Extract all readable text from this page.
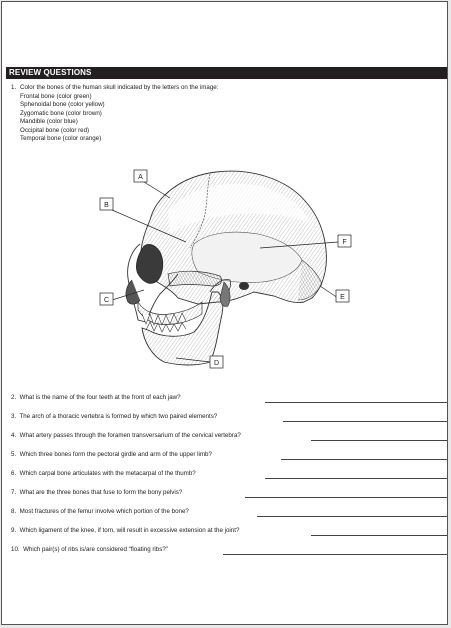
REVIEW QUESTIONS
1. Color the bones of the human skull indicated by the letters on the image:
Frontal bone (color green)
Sphenoidal bone (color yellow)
Zygomatic bone (color brown)
Mandible (color blue)
Occipital bone (color red)
Temporal bone (color orange)
A
B
C
D
E
F
2. What is the name of the four teeth at the front of each jaw?
3. The arch of a thoracic vertebra is formed by which two paired elements?
4. What artery passes through the foramen transversarium of the cervical vertebra?
5. Which three bones form the pectoral girdle and arm of the upper limb?
6. Which carpal bone articulates with the metacarpal of the thumb?
7. What are the three bones that fuse to form the bony pelvis?
8. Most fractures of the femur involve which portion of the bone?
9. Which ligament of the knee, if torn, will result in excessive extension at the joint?
10. Which pair(s) of ribs is/are considered “floating ribs?”
